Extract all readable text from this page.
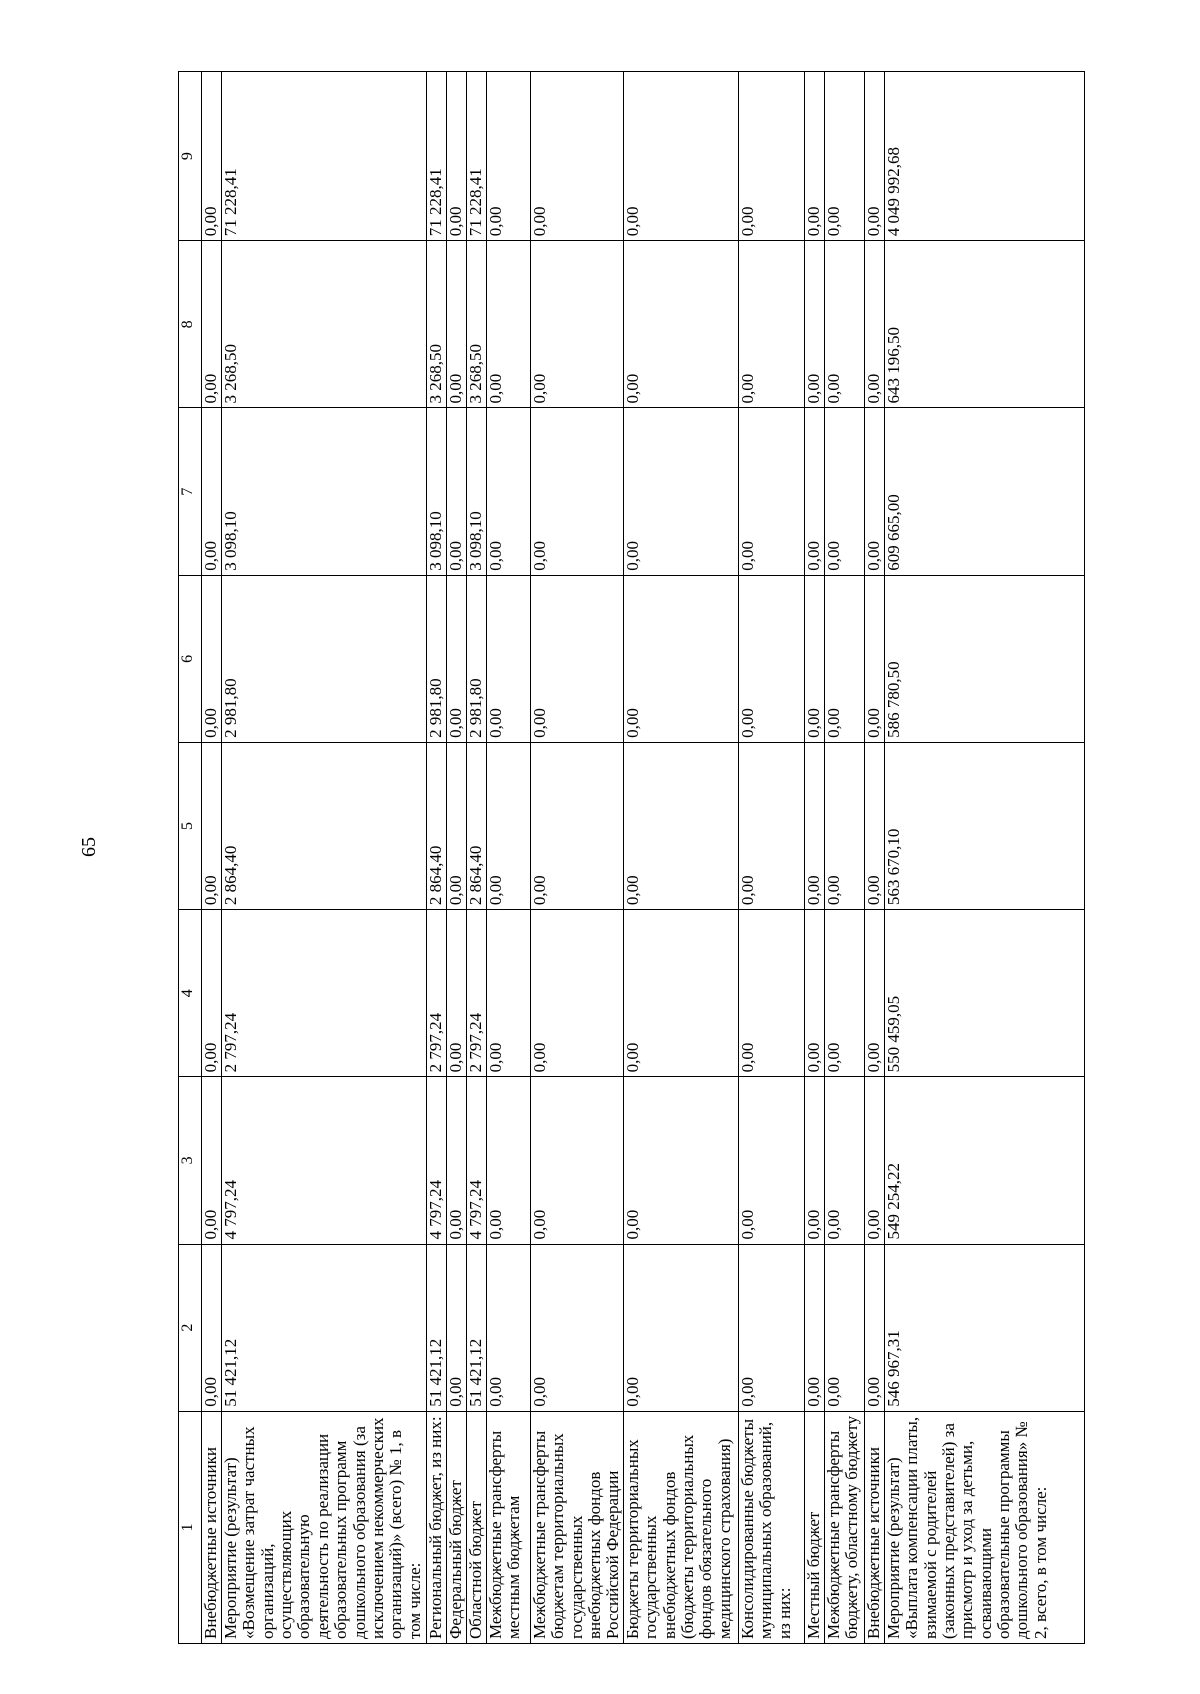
65
1	2	3	4	5	6	7	8	9
Внебюджетные источники	0,00	0,00	0,00	0,00	0,00	0,00	0,00	0,00
Мероприятие (результат) «Возмещение затрат частных организаций, осуществляющих образовательную деятельность по реализации образовательных программ дошкольного образования (за исключением некоммерческих организаций)» (всего) № 1, в том числе:	51 421,12	4 797,24	2 797,24	2 864,40	2 981,80	3 098,10	3 268,50	71 228,41
Региональный бюджет, из них:	51 421,12	4 797,24	2 797,24	2 864,40	2 981,80	3 098,10	3 268,50	71 228,41
Федеральный бюджет	0,00	0,00	0,00	0,00	0,00	0,00	0,00	0,00
Областной бюджет	51 421,12	4 797,24	2 797,24	2 864,40	2 981,80	3 098,10	3 268,50	71 228,41
Межбюджетные трансферты местным бюджетам	0,00	0,00	0,00	0,00	0,00	0,00	0,00	0,00
Межбюджетные трансферты бюджетам территориальных государственных внебюджетных фондов Российской Федерации	0,00	0,00	0,00	0,00	0,00	0,00	0,00	0,00
Бюджеты территориальных государственных внебюджетных фондов (бюджеты территориальных фондов обязательного медицинского страхования)	0,00	0,00	0,00	0,00	0,00	0,00	0,00	0,00
Консолидированные бюджеты муниципальных образований, из них:	0,00	0,00	0,00	0,00	0,00	0,00	0,00	0,00
Местный бюджет	0,00	0,00	0,00	0,00	0,00	0,00	0,00	0,00
Межбюджетные трансферты бюджету, областному бюджету	0,00	0,00	0,00	0,00	0,00	0,00	0,00	0,00
Внебюджетные источники	0,00	0,00	0,00	0,00	0,00	0,00	0,00	0,00
Мероприятие (результат) «Выплата компенсации платы, взимаемой с родителей (законных представителей) за присмотр и уход за детьми, осваивающими образовательные программы дошкольного образования» № 2, всего, в том числе:	546 967,31	549 254,22	550 459,05	563 670,10	586 780,50	609 665,00	643 196,50	4 049 992,68
